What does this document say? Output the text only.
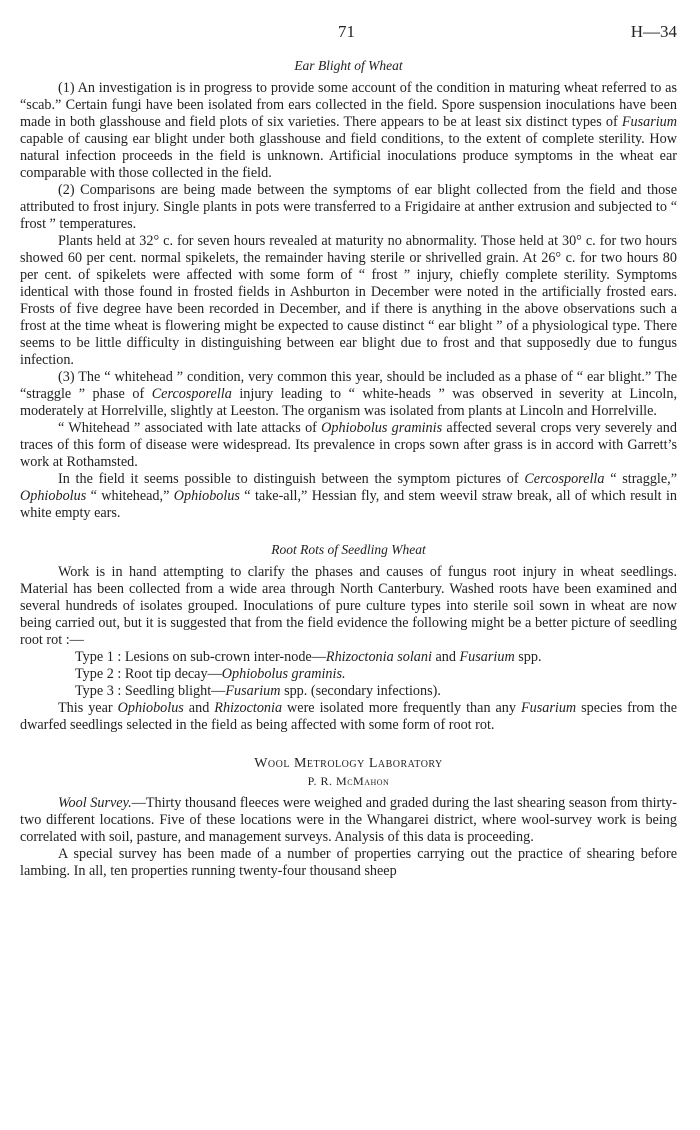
71	H—34
Ear Blight of Wheat

(1) An investigation is in progress to provide some account of the condition in maturing wheat referred to as “scab.” Certain fungi have been isolated from ears collected in the field. Spore suspension inoculations have been made in both glasshouse and field plots of six varieties. There appears to be at least six distinct types of Fusarium capable of causing ear blight under both glasshouse and field conditions, to the extent of complete sterility. How natural infection proceeds in the field is unknown. Artificial inoculations produce symptoms in the wheat ear comparable with those collected in the field.

(2) Comparisons are being made between the symptoms of ear blight collected from the field and those attributed to frost injury. Single plants in pots were transferred to a Frigidaire at anther extrusion and subjected to “ frost ” temperatures.

Plants held at 32° c. for seven hours revealed at maturity no abnormality. Those held at 30° c. for two hours showed 60 per cent. normal spikelets, the remainder having sterile or shrivelled grain. At 26° c. for two hours 80 per cent. of spikelets were affected with some form of “ frost ” injury, chiefly complete sterility. Symptoms identical with those found in frosted fields in Ashburton in December were noted in the artificially frosted ears. Frosts of five degree have been recorded in December, and if there is anything in the above observations such a frost at the time wheat is flowering might be expected to cause distinct “ ear blight ” of a physiological type. There seems to be little difficulty in distinguishing between ear blight due to frost and that supposedly due to fungus infection.

(3) The “ whitehead ” condition, very common this year, should be included as a phase of “ ear blight.” The “straggle ” phase of Cercosporella injury leading to “ white-heads ” was observed in severity at Lincoln, moderately at Horrelville, slightly at Leeston. The organism was isolated from plants at Lincoln and Horrelville.

“ Whitehead ” associated with late attacks of Ophiobolus graminis affected several crops very severely and traces of this form of disease were widespread. Its prevalence in crops sown after grass is in accord with Garrett’s work at Rothamsted.

In the field it seems possible to distinguish between the symptom pictures of Cercosporella “ straggle,” Ophiobolus “ whitehead,” Ophiobolus “ take-all,” Hessian fly, and stem weevil straw break, all of which result in white empty ears.

Root Rots of Seedling Wheat

Work is in hand attempting to clarify the phases and causes of fungus root injury in wheat seedlings. Material has been collected from a wide area through North Canterbury. Washed roots have been examined and several hundreds of isolates grouped. Inoculations of pure culture types into sterile soil sown in wheat are now being carried out, but it is suggested that from the field evidence the following might be a better picture of seedling root rot :—

Type 1 : Lesions on sub-crown inter-node—Rhizoctonia solani and Fusarium spp.
Type 2 : Root tip decay—Ophiobolus graminis.
Type 3 : Seedling blight—Fusarium spp. (secondary infections).

This year Ophiobolus and Rhizoctonia were isolated more frequently than any Fusarium species from the dwarfed seedlings selected in the field as being affected with some form of root rot.

Wool Metrology Laboratory
P. R. McMahon

Wool Survey.—Thirty thousand fleeces were weighed and graded during the last shearing season from thirty-two different locations. Five of these locations were in the Whangarei district, where wool-survey work is being correlated with soil, pasture, and management surveys. Analysis of this data is proceeding.

A special survey has been made of a number of properties carrying out the practice of shearing before lambing. In all, ten properties running twenty-four thousand sheep
